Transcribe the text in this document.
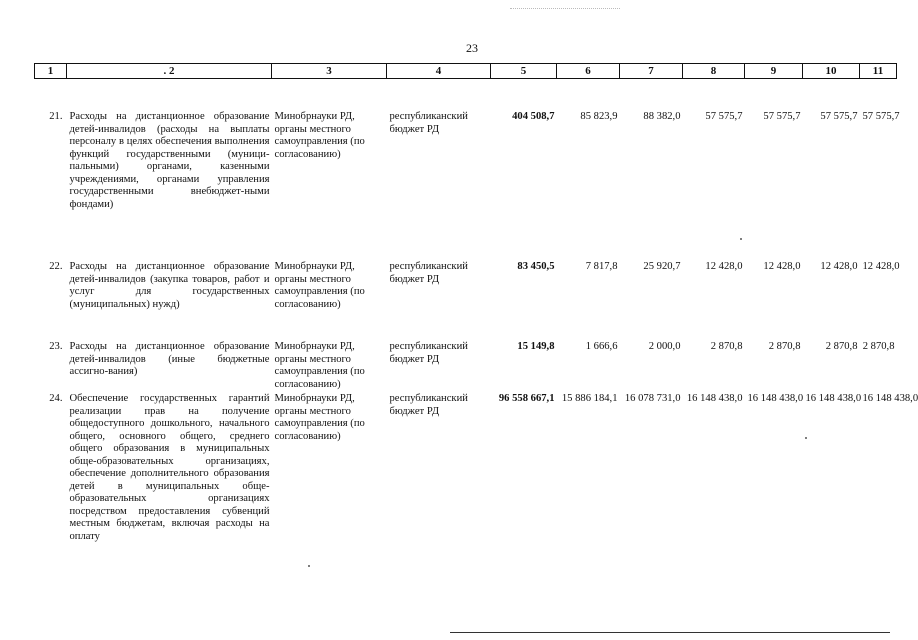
23
1	. 2	3	4	5	6	7	8	9	10	11
21.	Расходы на дистанционное образование детей-инвалидов (расходы на выплаты персоналу в целях обеспечения выполнения функций государственными (муници-пальными) органами, казенными учреждениями, органами управления государственными внебюджет-ными фондами)	Минобрнауки РД, органы местного самоуправления (по согласованию)	республиканский бюджет РД	404 508,7	85 823,9	88 382,0	57 575,7	57 575,7	57 575,7	57 575,7
22.	Расходы на дистанционное образование детей-инвалидов (закупка товаров, работ и услуг для государственных (муниципальных) нужд)	Минобрнауки РД, органы местного самоуправления (по согласованию)	республиканский бюджет РД	83 450,5	7 817,8	25 920,7	12 428,0	12 428,0	12 428,0	12 428,0
23.	Расходы на дистанционное образование детей-инвалидов (иные бюджетные ассигно-вания)	Минобрнауки РД, органы местного самоуправления (по согласованию)	республиканский бюджет РД	15 149,8	1 666,6	2 000,0	2 870,8	2 870,8	2 870,8	2 870,8
24.	Обеспечение государственных гарантий реализации прав на получение общедоступного дошкольного, начального общего, основного общего, среднего общего образования в муниципальных обще-образовательных организациях, обеспечение дополнительного образования детей в муниципальных обще-образовательных организациях посредством предоставления субвенций местным бюджетам, включая расходы на оплату	Минобрнауки РД, органы местного самоуправления (по согласованию)	республиканский бюджет РД	96 558 667,1	15 886 184,1	16 078 731,0	16 148 438,0	16 148 438,0	16 148 438,0	16 148 438,0
